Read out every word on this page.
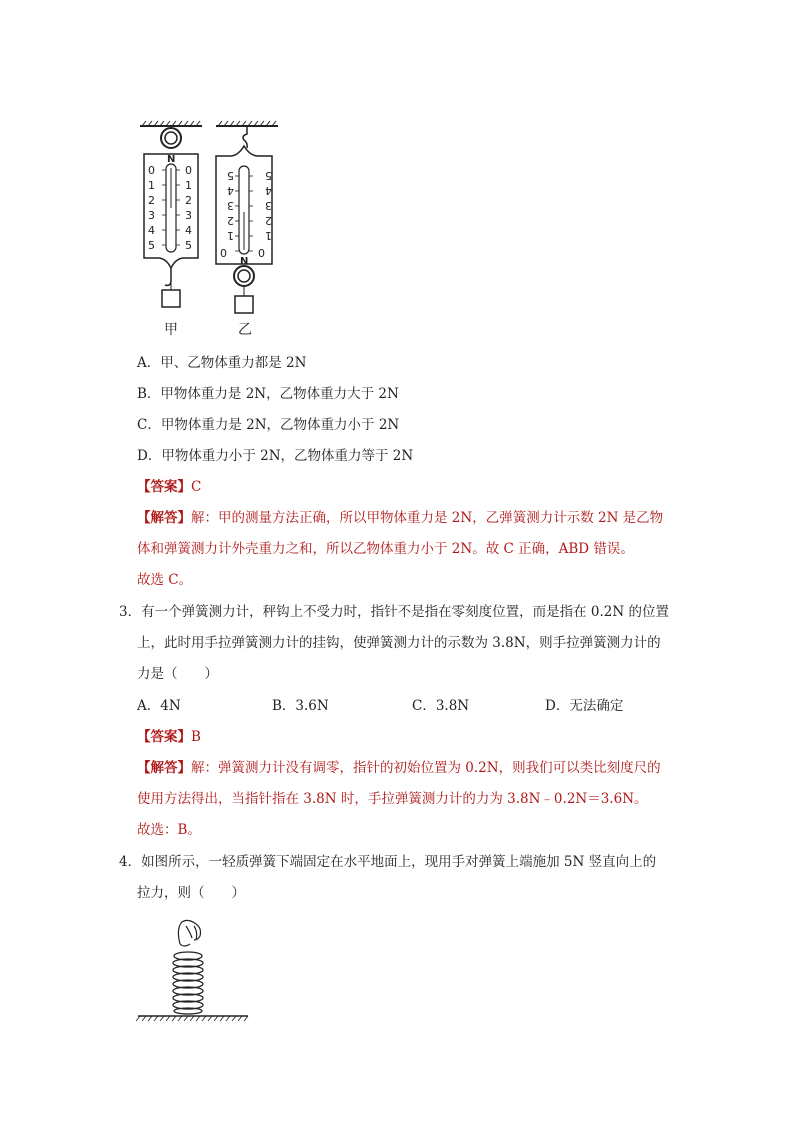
N
0	0
1	1
2	2
3	3
4	4
5	5
甲
5	5
4	4
3	3
2	2
1	1
0	0
N
乙
A．甲、乙物体重力都是 2N
B．甲物体重力是 2N，乙物体重力大于 2N
C．甲物体重力是 2N，乙物体重力小于 2N
D．甲物体重力小于 2N，乙物体重力等于 2N
【答案】C
【解答】解：甲的测量方法正确，所以甲物体重力是 2N，乙弹簧测力计示数 2N 是乙物
体和弹簧测力计外壳重力之和，所以乙物体重力小于 2N。故 C 正确，ABD 错误。
故选 C。
3．有一个弹簧测力计，秤钩上不受力时，指针不是指在零刻度位置，而是指在 0.2N 的位置
上，此时用手拉弹簧测力计的挂钩，使弹簧测力计的示数为 3.8N，则手拉弹簧测力计的
力是（　　）
A．4N	B．3.6N	C．3.8N	D．无法确定
【答案】B
【解答】解：弹簧测力计没有调零，指针的初始位置为 0.2N，则我们可以类比刻度尺的
使用方法得出，当指针指在 3.8N 时，手拉弹簧测力计的力为 3.8N﹣0.2N＝3.6N。
故选：B。
4．如图所示，一轻质弹簧下端固定在水平地面上，现用手对弹簧上端施加 5N 竖直向上的
拉力，则（　　）
